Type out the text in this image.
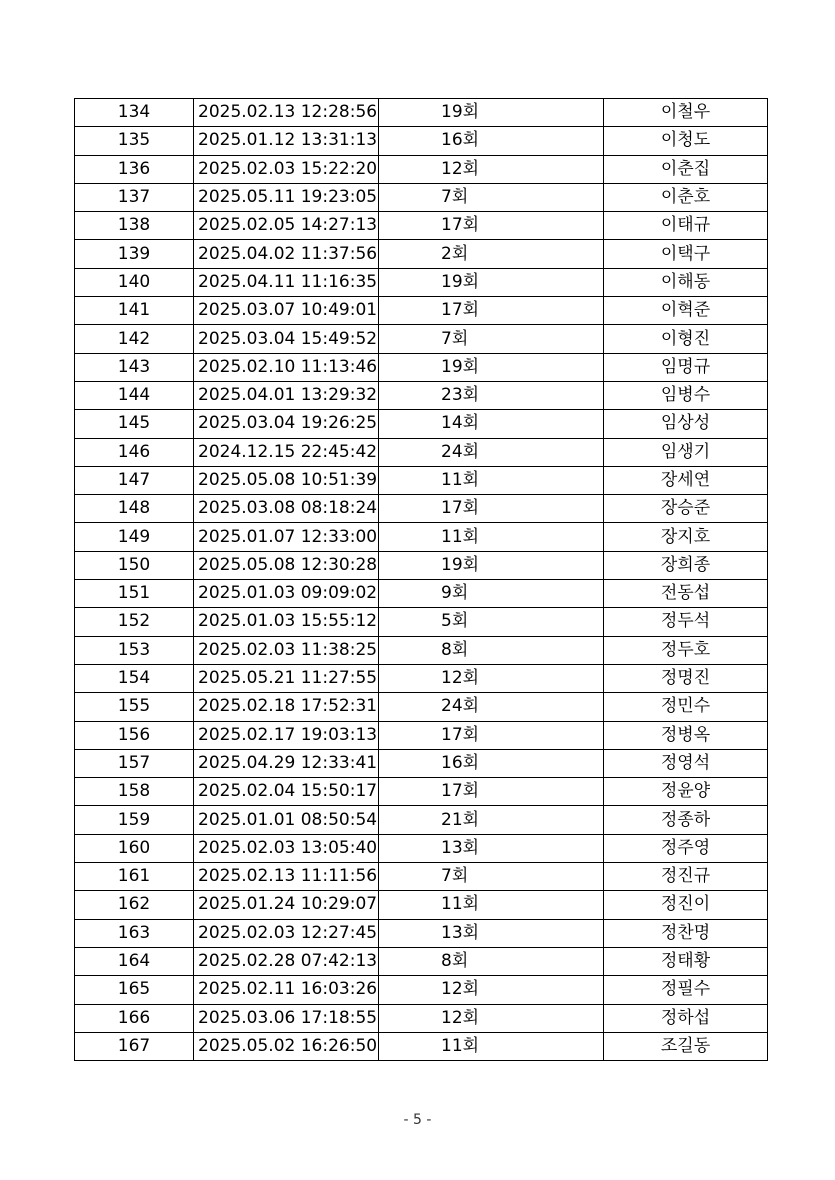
134	2025.02.13 12:28:56	19회	이철우
135	2025.01.12 13:31:13	16회	이청도
136	2025.02.03 15:22:20	12회	이춘집
137	2025.05.11 19:23:05	7회	이춘호
138	2025.02.05 14:27:13	17회	이태규
139	2025.04.02 11:37:56	2회	이택구
140	2025.04.11 11:16:35	19회	이해동
141	2025.03.07 10:49:01	17회	이혁준
142	2025.03.04 15:49:52	7회	이형진
143	2025.02.10 11:13:46	19회	임명규
144	2025.04.01 13:29:32	23회	임병수
145	2025.03.04 19:26:25	14회	임상성
146	2024.12.15 22:45:42	24회	임생기
147	2025.05.08 10:51:39	11회	장세연
148	2025.03.08 08:18:24	17회	장승준
149	2025.01.07 12:33:00	11회	장지호
150	2025.05.08 12:30:28	19회	장희종
151	2025.01.03 09:09:02	9회	전동섭
152	2025.01.03 15:55:12	5회	정두석
153	2025.02.03 11:38:25	8회	정두호
154	2025.05.21 11:27:55	12회	정명진
155	2025.02.18 17:52:31	24회	정민수
156	2025.02.17 19:03:13	17회	정병옥
157	2025.04.29 12:33:41	16회	정영석
158	2025.02.04 15:50:17	17회	정윤양
159	2025.01.01 08:50:54	21회	정종하
160	2025.02.03 13:05:40	13회	정주영
161	2025.02.13 11:11:56	7회	정진규
162	2025.01.24 10:29:07	11회	정진이
163	2025.02.03 12:27:45	13회	정찬명
164	2025.02.28 07:42:13	8회	정태황
165	2025.02.11 16:03:26	12회	정필수
166	2025.03.06 17:18:55	12회	정하섭
167	2025.05.02 16:26:50	11회	조길동
- 5 -
